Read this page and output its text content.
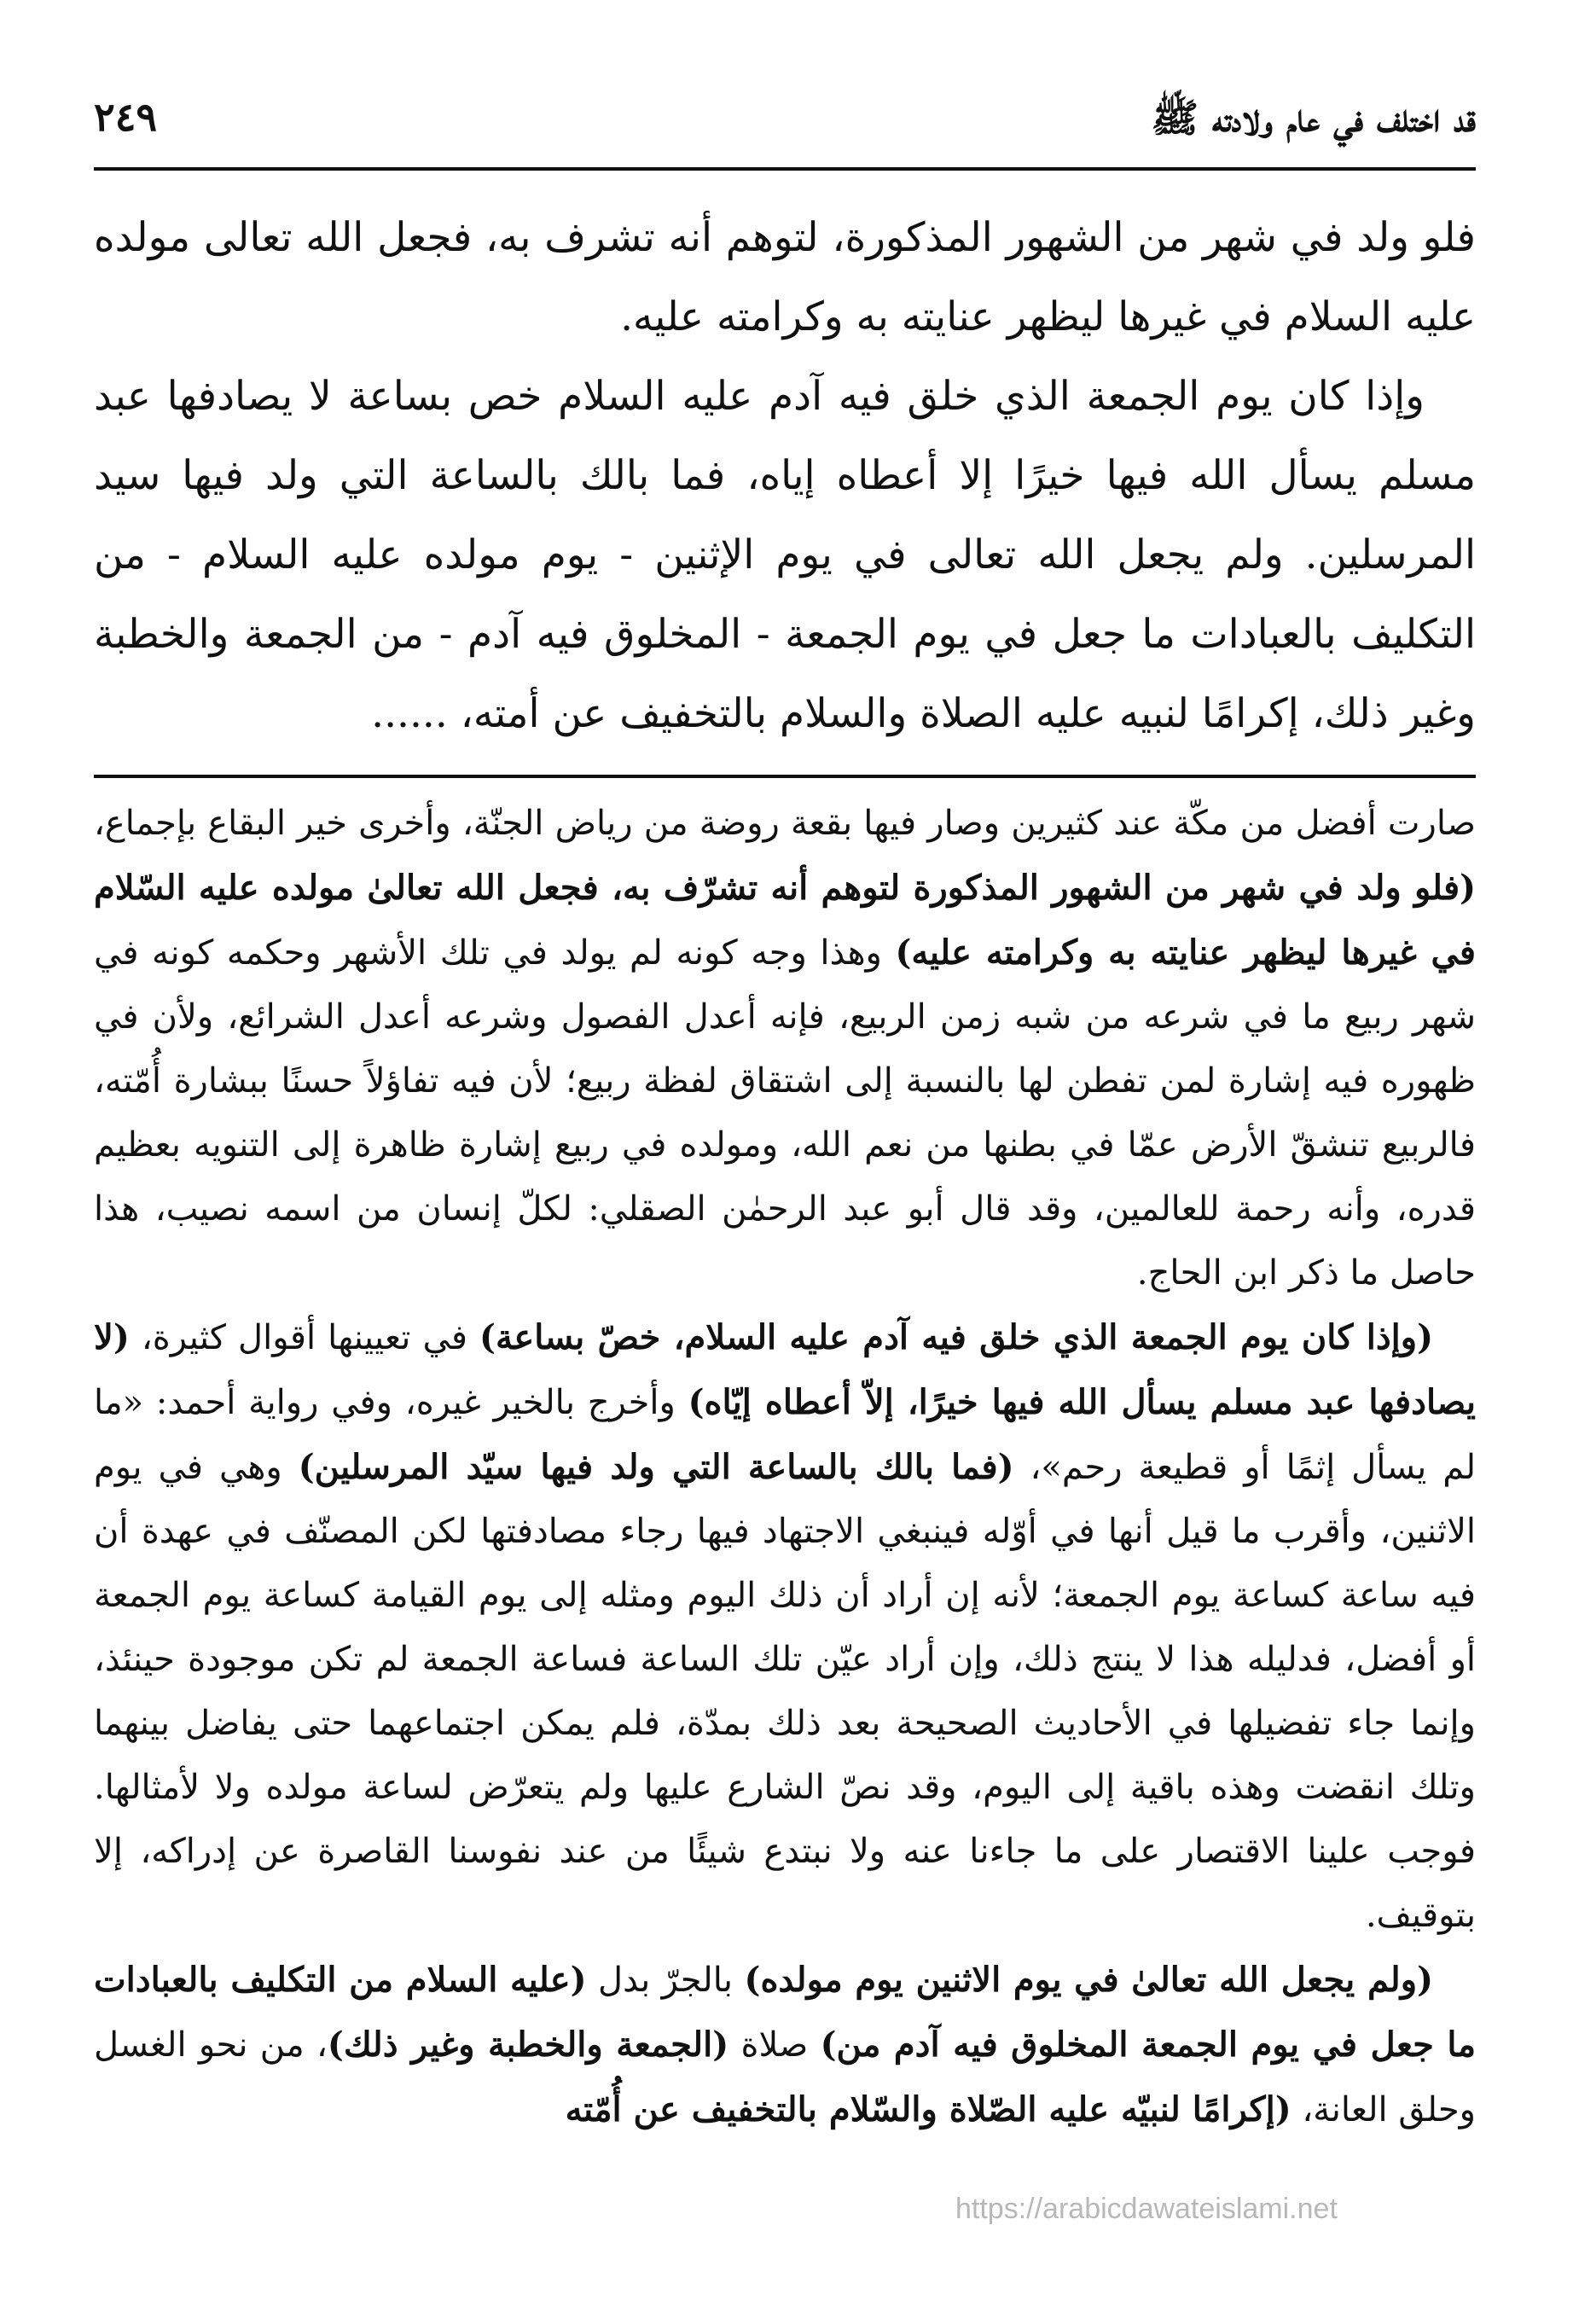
قد اختلف في عام ولادته ﷺ
٢٤٩

فلو ولد في شهر من الشهور المذكورة، لتوهم أنه تشرف به، فجعل الله تعالى مولده عليه السلام في غيرها ليظهر عنايته به وكرامته عليه.

وإذا كان يوم الجمعة الذي خلق فيه آدم عليه السلام خص بساعة لا يصادفها عبد مسلم يسأل الله فيها خيرًا إلا أعطاه إياه، فما بالك بالساعة التي ولد فيها سيد المرسلين. ولم يجعل الله تعالى في يوم الإثنين - يوم مولده عليه السلام - من التكليف بالعبادات ما جعل في يوم الجمعة - المخلوق فيه آدم - من الجمعة والخطبة وغير ذلك، إكرامًا لنبيه عليه الصلاة والسلام بالتخفيف عن أمته، ......

صارت أفضل من مكّة عند كثيرين وصار فيها بقعة روضة من رياض الجنّة، وأخرى خير البقاع بإجماع، (فلو ولد في شهر من الشهور المذكورة لتوهم أنه تشرّف به، فجعل الله تعالىٰ مولده عليه السّلام في غيرها ليظهر عنايته به وكرامته عليه) وهذا وجه كونه لم يولد في تلك الأشهر وحكمه كونه في شهر ربيع ما في شرعه من شبه زمن الربيع، فإنه أعدل الفصول وشرعه أعدل الشرائع، ولأن في ظهوره فيه إشارة لمن تفطن لها بالنسبة إلى اشتقاق لفظة ربيع؛ لأن فيه تفاؤلاً حسنًا ببشارة أُمّته، فالربيع تنشقّ الأرض عمّا في بطنها من نعم الله، ومولده في ربيع إشارة ظاهرة إلى التنويه بعظيم قدره، وأنه رحمة للعالمين، وقد قال أبو عبد الرحمٰن الصقلي: لكلّ إنسان من اسمه نصيب، هذا حاصل ما ذكر ابن الحاج.

(وإذا كان يوم الجمعة الذي خلق فيه آدم عليه السلام، خصّ بساعة) في تعيينها أقوال كثيرة، (لا يصادفها عبد مسلم يسأل الله فيها خيرًا، إلاّ أعطاه إيّاه) وأخرج بالخير غيره، وفي رواية أحمد: «ما لم يسأل إثمًا أو قطيعة رحم»، (فما بالك بالساعة التي ولد فيها سيّد المرسلين) وهي في يوم الاثنين، وأقرب ما قيل أنها في أوّله فينبغي الاجتهاد فيها رجاء مصادفتها لكن المصنّف في عهدة أن فيه ساعة كساعة يوم الجمعة؛ لأنه إن أراد أن ذلك اليوم ومثله إلى يوم القيامة كساعة يوم الجمعة أو أفضل، فدليله هذا لا ينتج ذلك، وإن أراد عيّن تلك الساعة فساعة الجمعة لم تكن موجودة حينئذ، وإنما جاء تفضيلها في الأحاديث الصحيحة بعد ذلك بمدّة، فلم يمكن اجتماعهما حتى يفاضل بينهما وتلك انقضت وهذه باقية إلى اليوم، وقد نصّ الشارع عليها ولم يتعرّض لساعة مولده ولا لأمثالها. فوجب علينا الاقتصار على ما جاءنا عنه ولا نبتدع شيئًا من عند نفوسنا القاصرة عن إدراكه، إلا بتوقيف.

(ولم يجعل الله تعالىٰ في يوم الاثنين يوم مولده) بالجرّ بدل (عليه السلام من التكليف بالعبادات ما جعل في يوم الجمعة المخلوق فيه آدم من) صلاة (الجمعة والخطبة وغير ذلك)، من نحو الغسل وحلق العانة، (إكرامًا لنبيّه عليه الصّلاة والسّلام بالتخفيف عن أُمّته

https://arabicdawateislami.net
